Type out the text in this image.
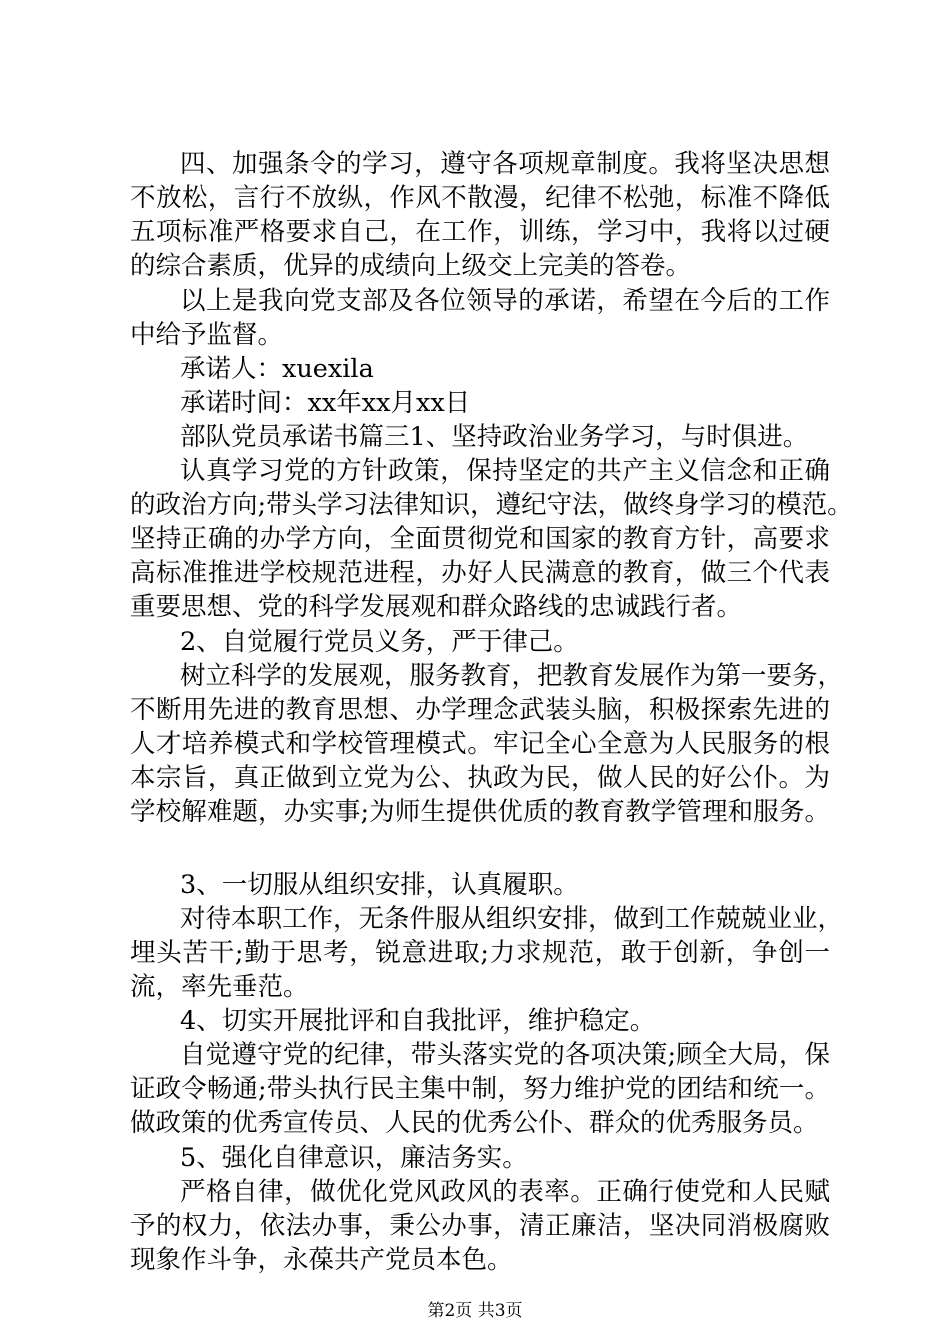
四、加强条令的学习，遵守各项规章制度。我将坚决思想
不放松，言行不放纵，作风不散漫，纪律不松弛，标准不降低
五项标准严格要求自己，在工作，训练，学习中，我将以过硬
的综合素质，优异的成绩向上级交上完美的答卷。
以上是我向党支部及各位领导的承诺，希望在今后的工作
中给予监督。
承诺人：xuexila
承诺时间：xx年xx月xx日
部队党员承诺书篇三1、坚持政治业务学习，与时俱进。
认真学习党的方针政策，保持坚定的共产主义信念和正确
的政治方向;带头学习法律知识，遵纪守法，做终身学习的模范。
坚持正确的办学方向，全面贯彻党和国家的教育方针，高要求
高标准推进学校规范进程，办好人民满意的教育，做三个代表
重要思想、党的科学发展观和群众路线的忠诚践行者。
2、自觉履行党员义务，严于律己。
树立科学的发展观，服务教育，把教育发展作为第一要务，
不断用先进的教育思想、办学理念武装头脑，积极探索先进的
人才培养模式和学校管理模式。牢记全心全意为人民服务的根
本宗旨，真正做到立党为公、执政为民，做人民的好公仆。为
学校解难题，办实事;为师生提供优质的教育教学管理和服务。
3、一切服从组织安排，认真履职。
对待本职工作，无条件服从组织安排，做到工作兢兢业业，
埋头苦干;勤于思考，锐意进取;力求规范，敢于创新，争创一
流，率先垂范。
4、切实开展批评和自我批评，维护稳定。
自觉遵守党的纪律，带头落实党的各项决策;顾全大局，保
证政令畅通;带头执行民主集中制，努力维护党的团结和统一。
做政策的优秀宣传员、人民的优秀公仆、群众的优秀服务员。
5、强化自律意识，廉洁务实。
严格自律，做优化党风政风的表率。正确行使党和人民赋
予的权力，依法办事，秉公办事，清正廉洁，坚决同消极腐败
现象作斗争，永葆共产党员本色。
第2页 共3页
